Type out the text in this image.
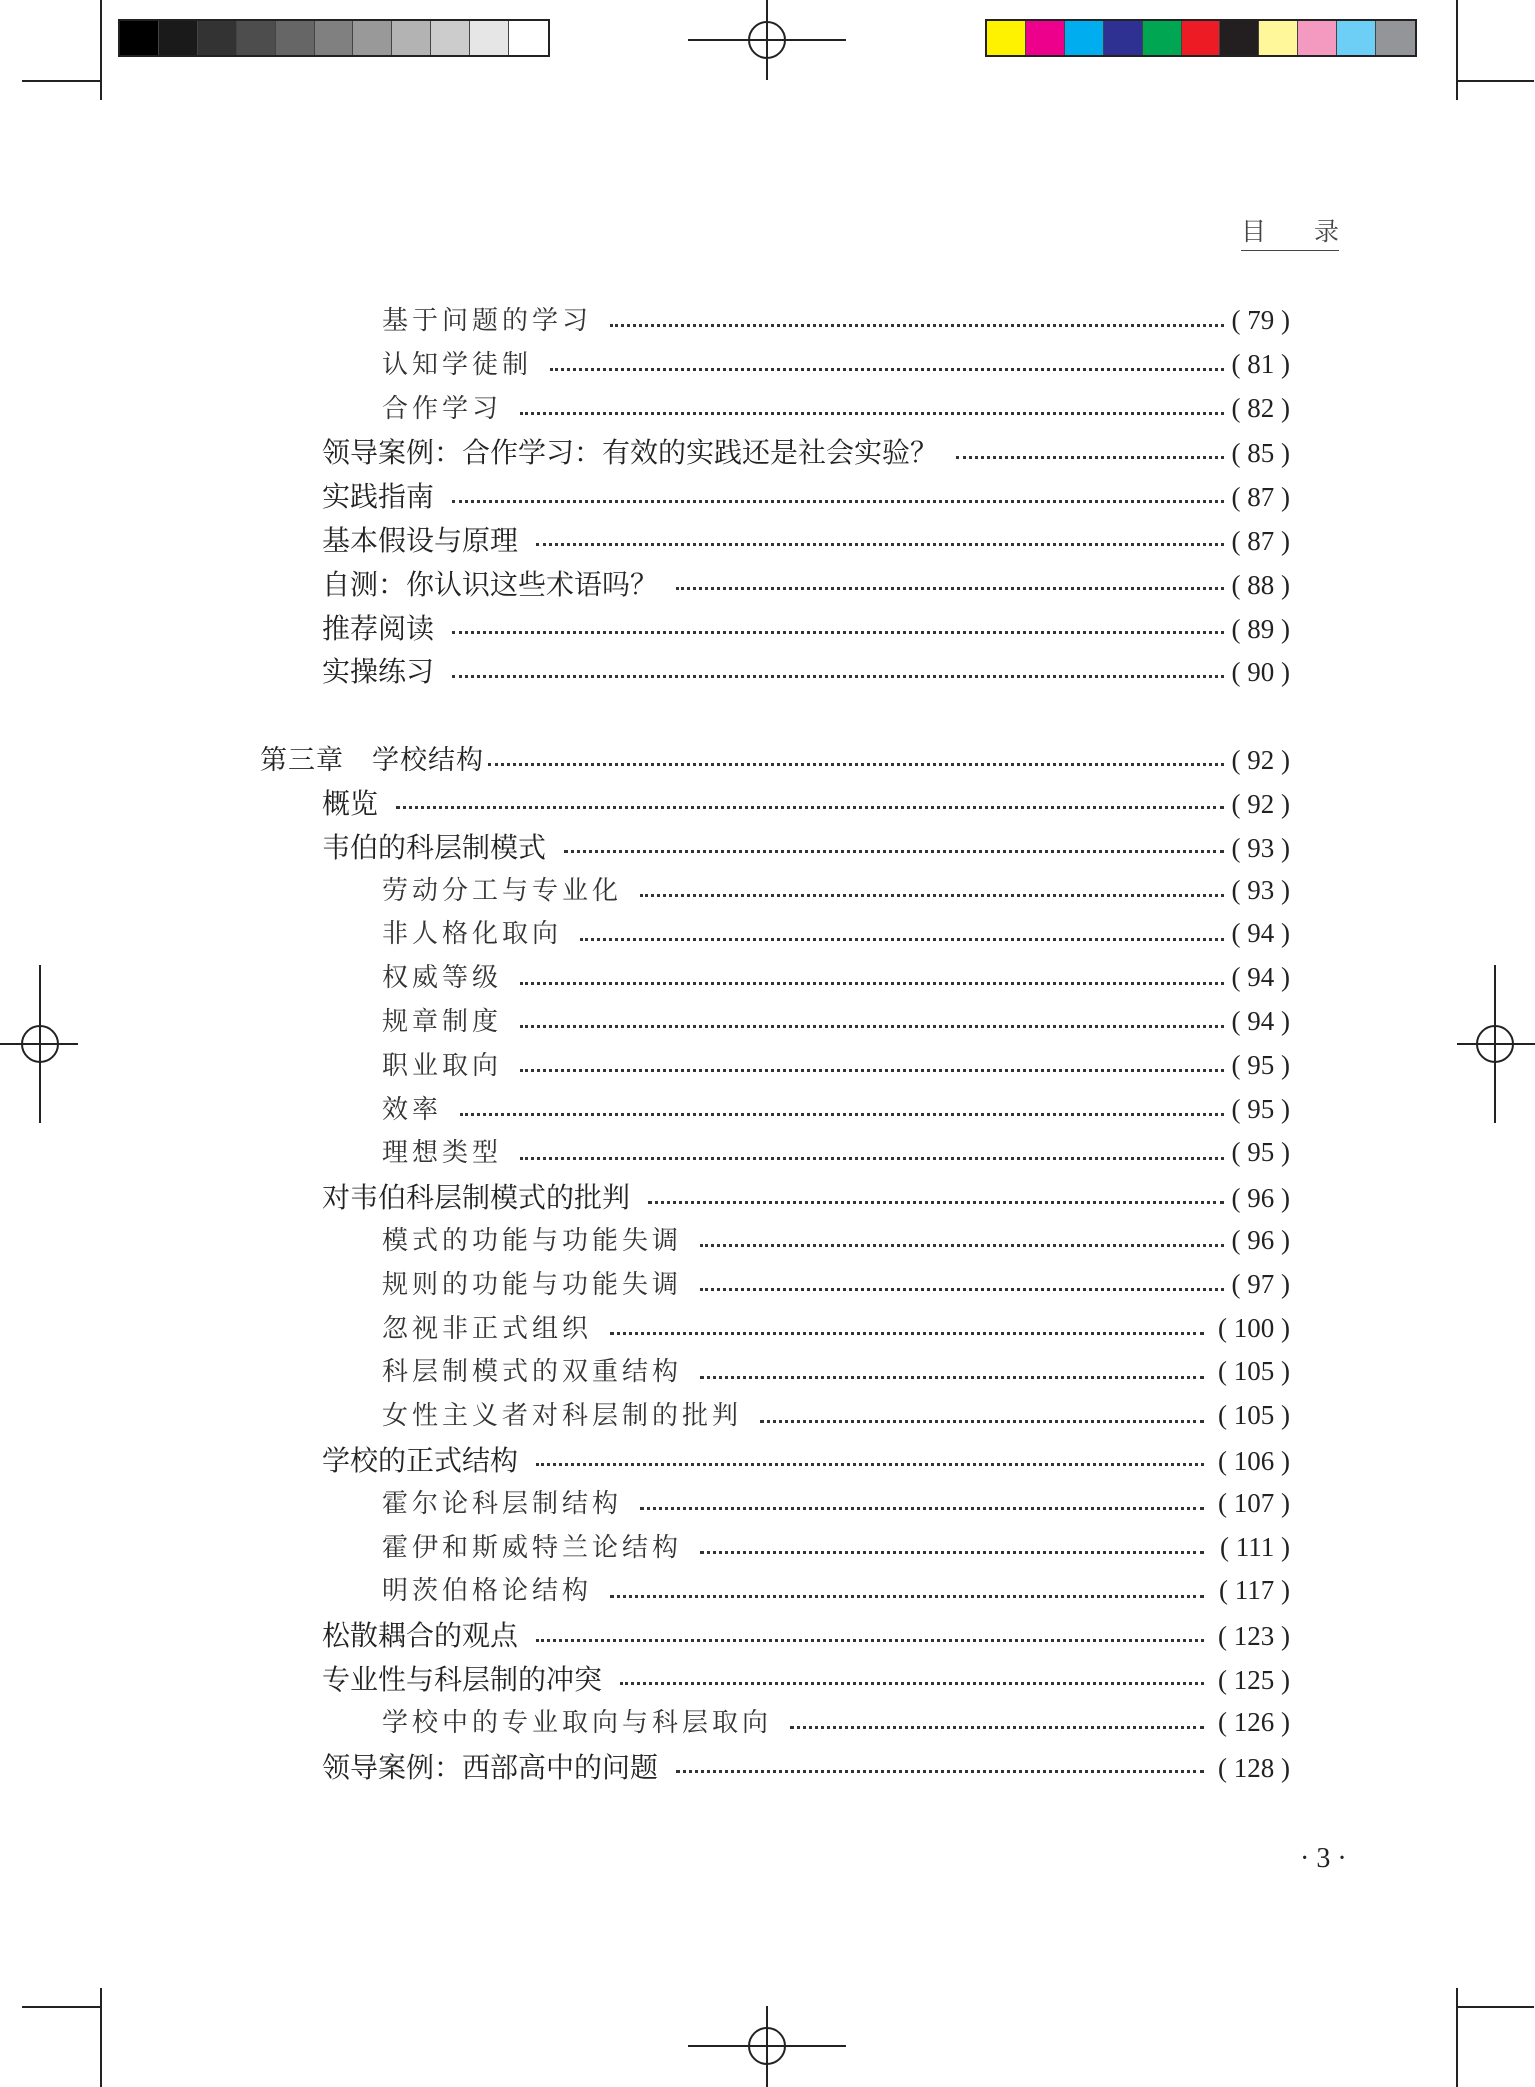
目 录
基于问题的学习	( 79 )
认知学徒制	( 81 )
合作学习	( 82 )
领导案例：合作学习：有效的实践还是社会实验？	( 85 )
实践指南	( 87 )
基本假设与原理	( 87 )
自测：你认识这些术语吗？	( 88 )
推荐阅读	( 89 )
实操练习	( 90 )
第三章　学校结构	( 92 )
概览	( 92 )
韦伯的科层制模式	( 93 )
劳动分工与专业化	( 93 )
非人格化取向	( 94 )
权威等级	( 94 )
规章制度	( 94 )
职业取向	( 95 )
效率	( 95 )
理想类型	( 95 )
对韦伯科层制模式的批判	( 96 )
模式的功能与功能失调	( 96 )
规则的功能与功能失调	( 97 )
忽视非正式组织	( 100 )
科层制模式的双重结构	( 105 )
女性主义者对科层制的批判	( 105 )
学校的正式结构	( 106 )
霍尔论科层制结构	( 107 )
霍伊和斯威特兰论结构	( 111 )
明茨伯格论结构	( 117 )
松散耦合的观点	( 123 )
专业性与科层制的冲突	( 125 )
学校中的专业取向与科层取向	( 126 )
领导案例：西部高中的问题	( 128 )
· 3 ·
